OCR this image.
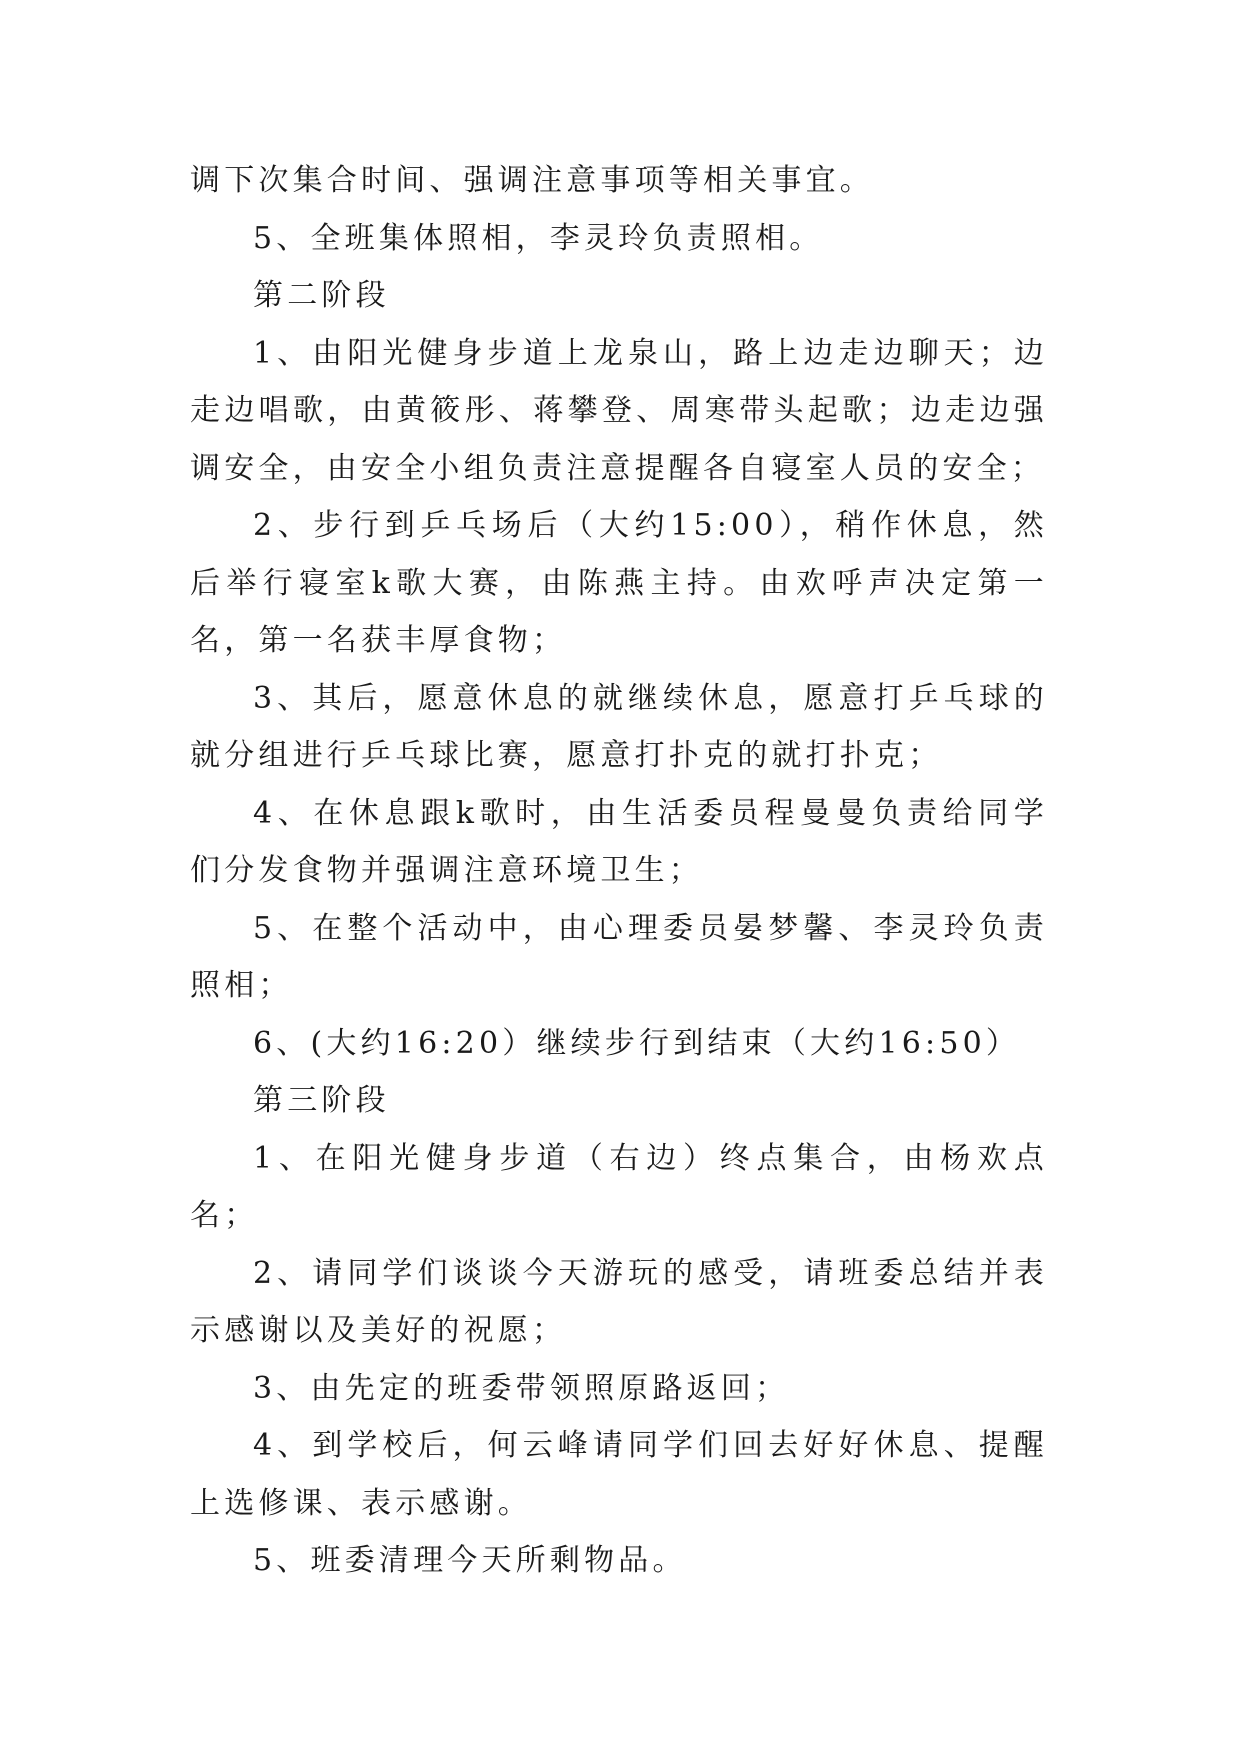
调下次集合时间、强调注意事项等相关事宜。

5、全班集体照相，李灵玲负责照相。

第二阶段

1、由阳光健身步道上龙泉山，路上边走边聊天；边走边唱歌，由黄筱彤、蒋攀登、周寒带头起歌；边走边强调安全，由安全小组负责注意提醒各自寝室人员的安全；

2、步行到乒乓场后（大约15:00），稍作休息，然后举行寝室k歌大赛，由陈燕主持。由欢呼声决定第一名，第一名获丰厚食物；

3、其后，愿意休息的就继续休息，愿意打乒乓球的就分组进行乒乓球比赛，愿意打扑克的就打扑克；

4、在休息跟k歌时，由生活委员程曼曼负责给同学们分发食物并强调注意环境卫生；

5、在整个活动中，由心理委员晏梦馨、李灵玲负责照相；

6、(大约16:20）继续步行到结束（大约16:50）

第三阶段

1、在阳光健身步道（右边）终点集合，由杨欢点名；

2、请同学们谈谈今天游玩的感受，请班委总结并表示感谢以及美好的祝愿；

3、由先定的班委带领照原路返回；

4、到学校后，何云峰请同学们回去好好休息、提醒上选修课、表示感谢。

5、班委清理今天所剩物品。
